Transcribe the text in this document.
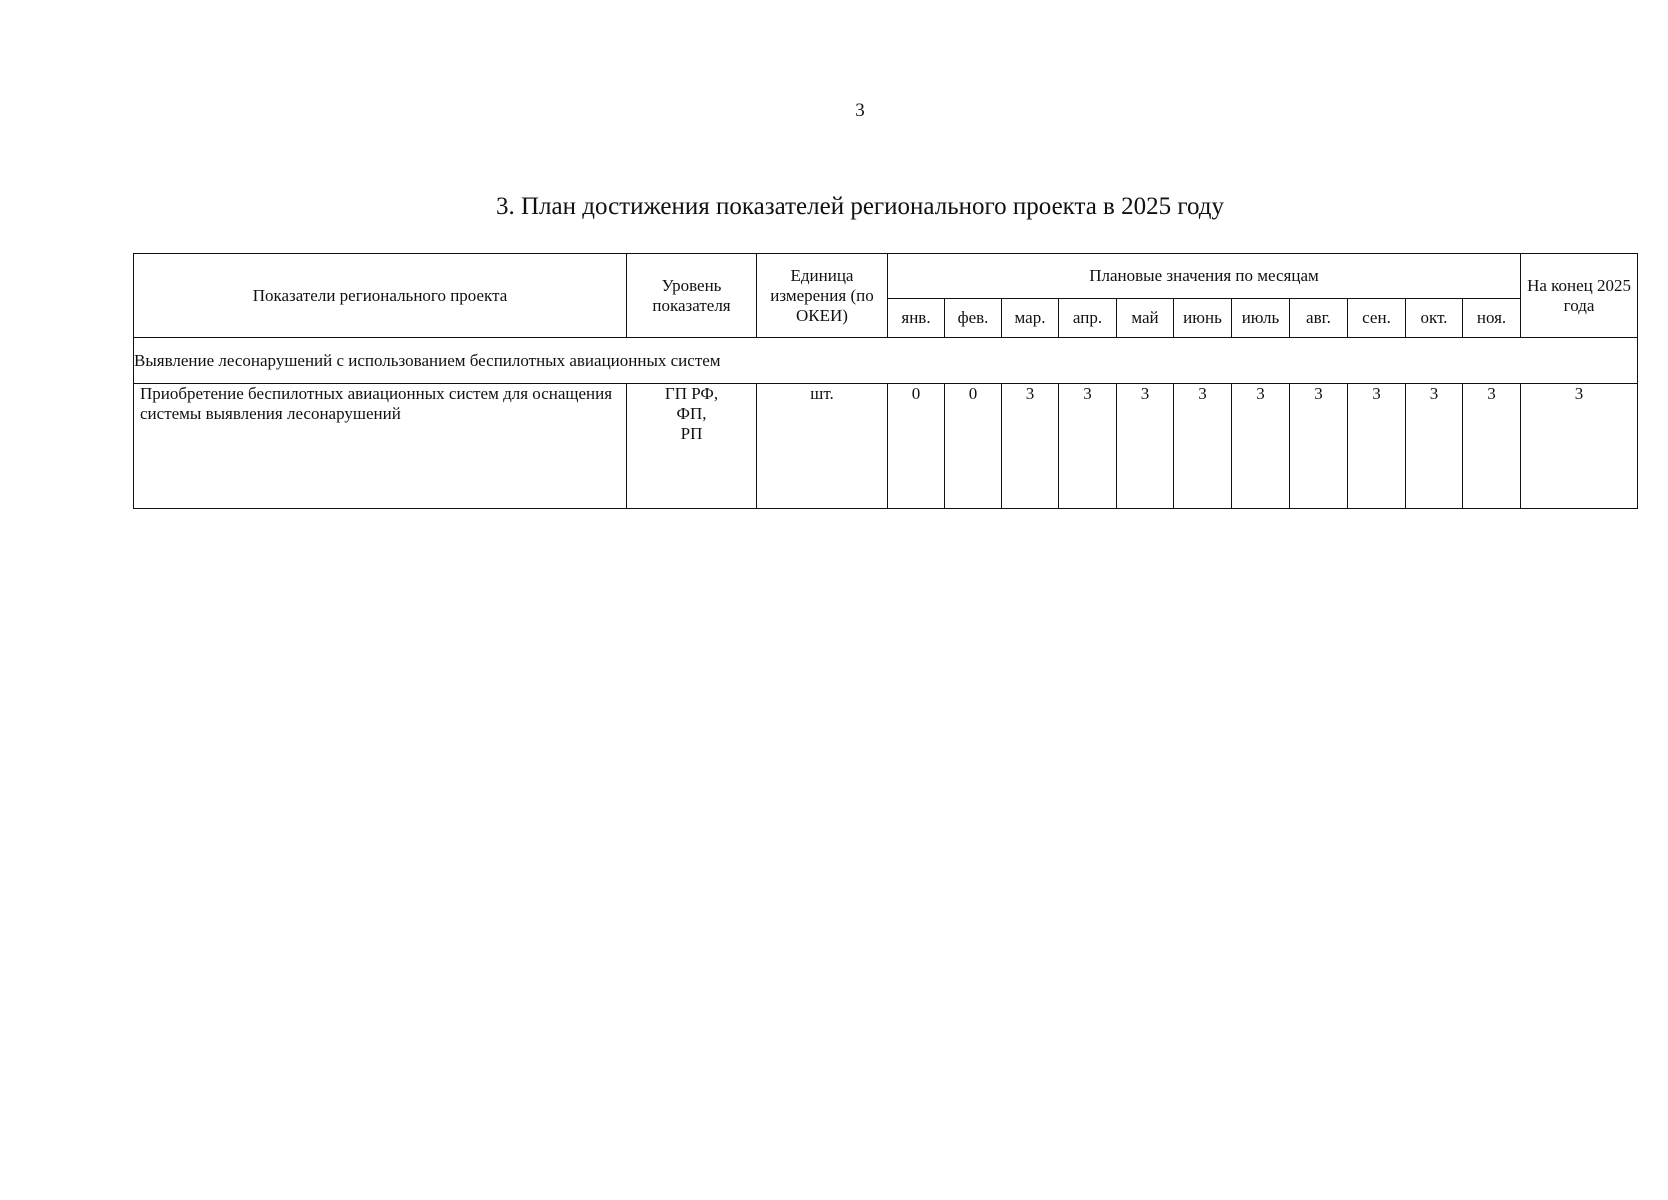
3
3. План достижения показателей регионального проекта в 2025 году
Показатели регионального проекта	Уровень показателя	Единица измерения (по ОКЕИ)	Плановые значения по месяцам											На конец 2025 года
			янв.	фев.	мар.	апр.	май	июнь	июль	авг.	сен.	окт.	ноя.	
Выявление лесонарушений с использованием беспилотных авиационных систем														
Приобретение беспилотных авиационных систем для оснащения системы выявления лесонарушений	ГП РФ,
ФП,
РП	шт.	0	0	3	3	3	3	3	3	3	3	3	3
